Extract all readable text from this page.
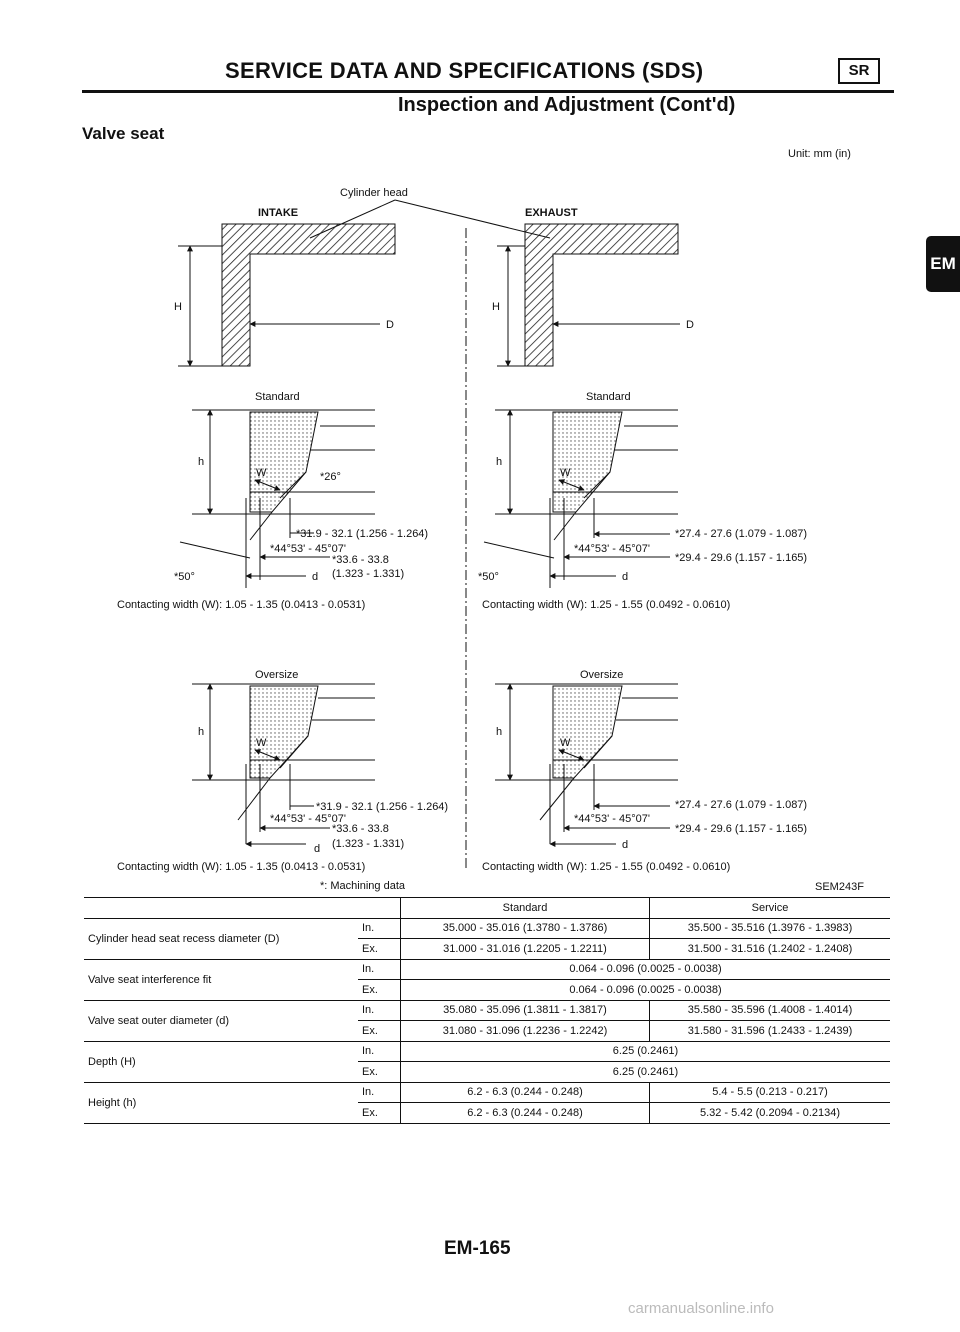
SERVICE DATA AND SPECIFICATIONS (SDS)	SR
Inspection and Adjustment (Cont'd)
Valve seat
Unit: mm (in)
EM
Cylinder head
INTAKE	EXHAUST
H
D
H
D
Standard
h
W	*26°
*31.9 - 32.1 (1.256 - 1.264)
*44°53' - 45°07'
*33.6 - 33.8
(1.323 - 1.331)
*50°	d
Contacting width (W): 1.05 - 1.35 (0.0413 - 0.0531)
Standard
h
W
*27.4 - 27.6 (1.079 - 1.087)
*44°53' - 45°07'
*29.4 - 29.6 (1.157 - 1.165)
*50°	d
Contacting width (W): 1.25 - 1.55 (0.0492 - 0.0610)
Oversize
h
W
*31.9 - 32.1 (1.256 - 1.264)
*44°53' - 45°07'
*33.6 - 33.8
(1.323 - 1.331)
d
Contacting width (W): 1.05 - 1.35 (0.0413 - 0.0531)
*: Machining data
Oversize
h
W
*27.4 - 27.6 (1.079 - 1.087)
*44°53' - 45°07'
*29.4 - 29.6 (1.157 - 1.165)
d
Contacting width (W): 1.25 - 1.55 (0.0492 - 0.0610)
SEM243F
		Standard	Service
Cylinder head seat recess diameter (D)	In.	35.000 - 35.016 (1.3780 - 1.3786)	35.500 - 35.516 (1.3976 - 1.3983)
	Ex.	31.000 - 31.016 (1.2205 - 1.2211)	31.500 - 31.516 (1.2402 - 1.2408)
Valve seat interference fit	In.	0.064 - 0.096 (0.0025 - 0.0038)	
	Ex.	0.064 - 0.096 (0.0025 - 0.0038)	
Valve seat outer diameter (d)	In.	35.080 - 35.096 (1.3811 - 1.3817)	35.580 - 35.596 (1.4008 - 1.4014)
	Ex.	31.080 - 31.096 (1.2236 - 1.2242)	31.580 - 31.596 (1.2433 - 1.2439)
Depth (H)	In.	6.25 (0.2461)	
	Ex.	6.25 (0.2461)	
Height (h)	In.	6.2 - 6.3 (0.244 - 0.248)	5.4 - 5.5 (0.213 - 0.217)
	Ex.	6.2 - 6.3 (0.244 - 0.248)	5.32 - 5.42 (0.2094 - 0.2134)
EM-165
carmanualsonline.info
